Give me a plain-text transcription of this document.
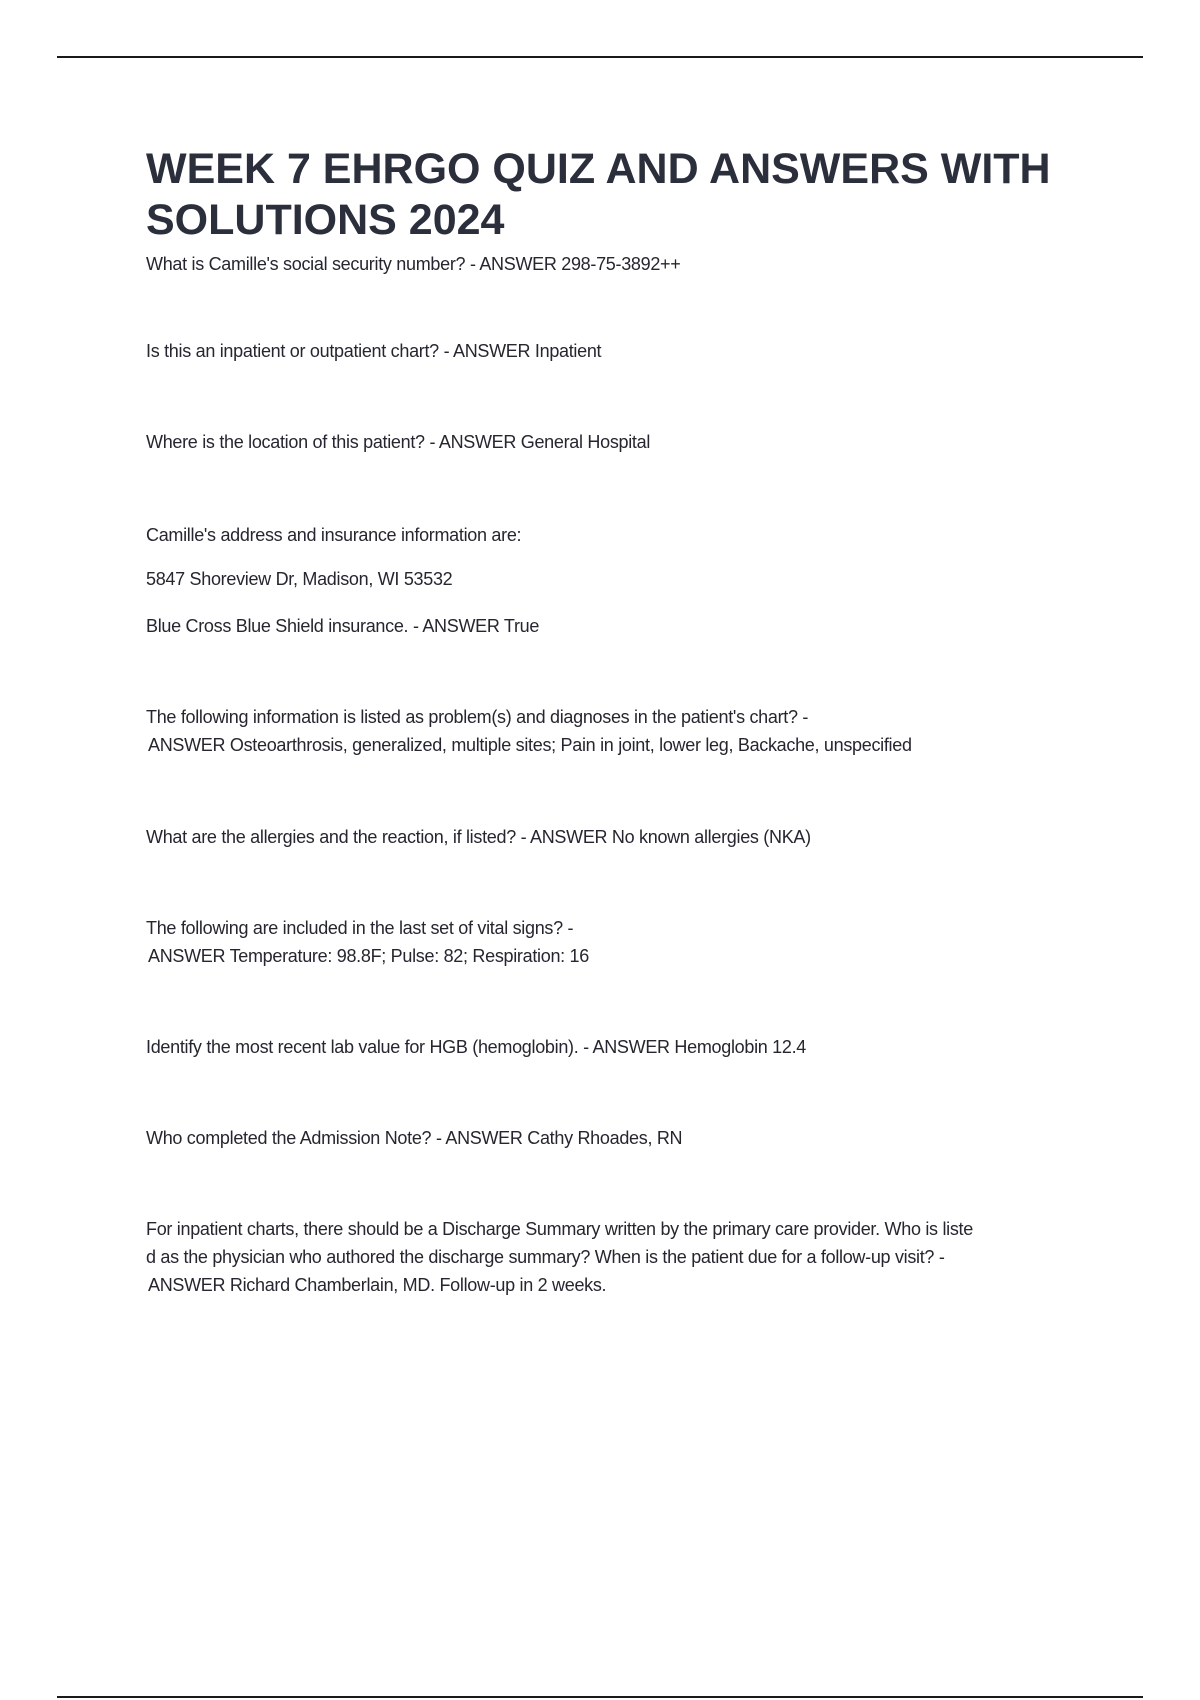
WEEK 7 EHRGO QUIZ AND ANSWERS WITH
SOLUTIONS 2024
What is Camille's social security number? - ANSWER 298-75-3892++
Is this an inpatient or outpatient chart? - ANSWER Inpatient
Where is the location of this patient? - ANSWER General Hospital
Camille's address and insurance information are:
5847 Shoreview Dr, Madison, WI 53532
Blue Cross Blue Shield insurance. - ANSWER True
The following information is listed as problem(s) and diagnoses in the patient's chart? -
ANSWER Osteoarthrosis, generalized, multiple sites; Pain in joint, lower leg, Backache, unspecified
What are the allergies and the reaction, if listed? - ANSWER No known allergies (NKA)
The following are included in the last set of vital signs? -
ANSWER Temperature: 98.8F; Pulse: 82; Respiration: 16
Identify the most recent lab value for HGB (hemoglobin). - ANSWER Hemoglobin 12.4
Who completed the Admission Note? - ANSWER Cathy Rhoades, RN
For inpatient charts, there should be a Discharge Summary written by the primary care provider. Who is liste
d as the physician who authored the discharge summary? When is the patient due for a follow-up visit? -
ANSWER Richard Chamberlain, MD. Follow-up in 2 weeks.
